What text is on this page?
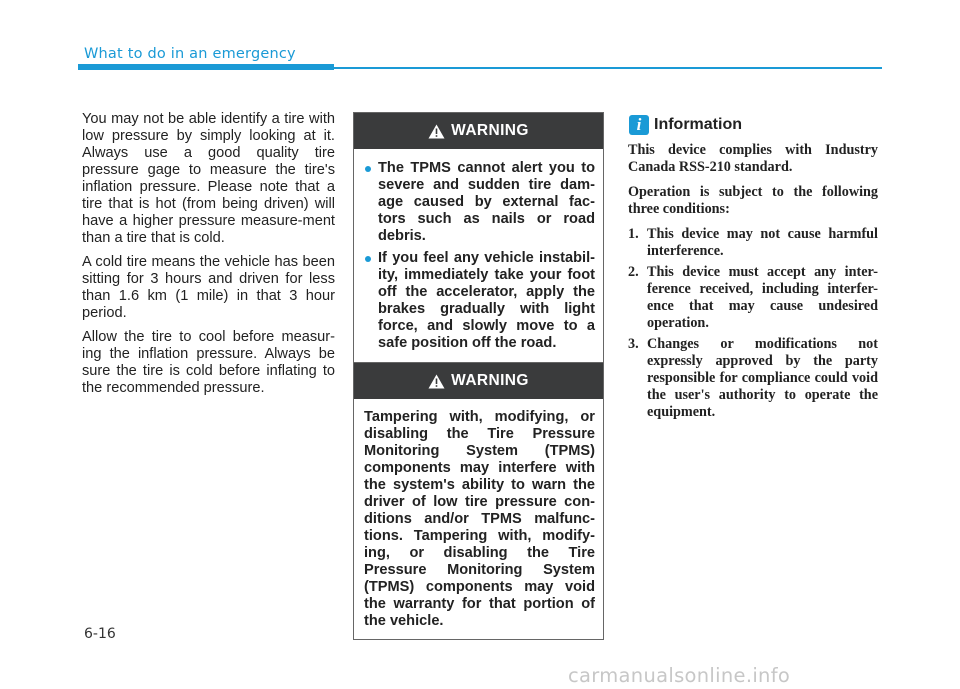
What to do in an emergency

You may not be able identify a tire with low pressure by simply looking at it. Always use a good quality tire pressure gage to measure the tire's inflation pressure. Please note that a tire that is hot (from being driven) will have a higher pressure measure-ment than a tire that is cold.

A cold tire means the vehicle has been sitting for 3 hours and driven for less than 1.6 km (1 mile) in that 3 hour period.

Allow the tire to cool before measur-ing the inflation pressure. Always be sure the tire is cold before inflating to the recommended pressure.

WARNING
The TPMS cannot alert you to severe and sudden tire dam-age caused by external fac-tors such as nails or road debris.
If you feel any vehicle instabil-ity, immediately take your foot off the accelerator, apply the brakes gradually with light force, and slowly move to a safe position off the road.
WARNING
Tampering with, modifying, or disabling the Tire Pressure Monitoring System (TPMS) components may interfere with the system's ability to warn the driver of low tire pressure con-ditions and/or TPMS malfunc-tions. Tampering with, modify-ing, or disabling the Tire Pressure Monitoring System (TPMS) components may void the warranty for that portion of the vehicle.
i Information

This device complies with Industry Canada RSS-210 standard.

Operation is subject to the following three conditions:

1. This device may not cause harmful interference.
2. This device must accept any inter-ference received, including interfer-ence that may cause undesired operation.
3. Changes or modifications not expressly approved by the party responsible for compliance could void the user's authority to operate the equipment.
6-16
carmanualsonline.info
